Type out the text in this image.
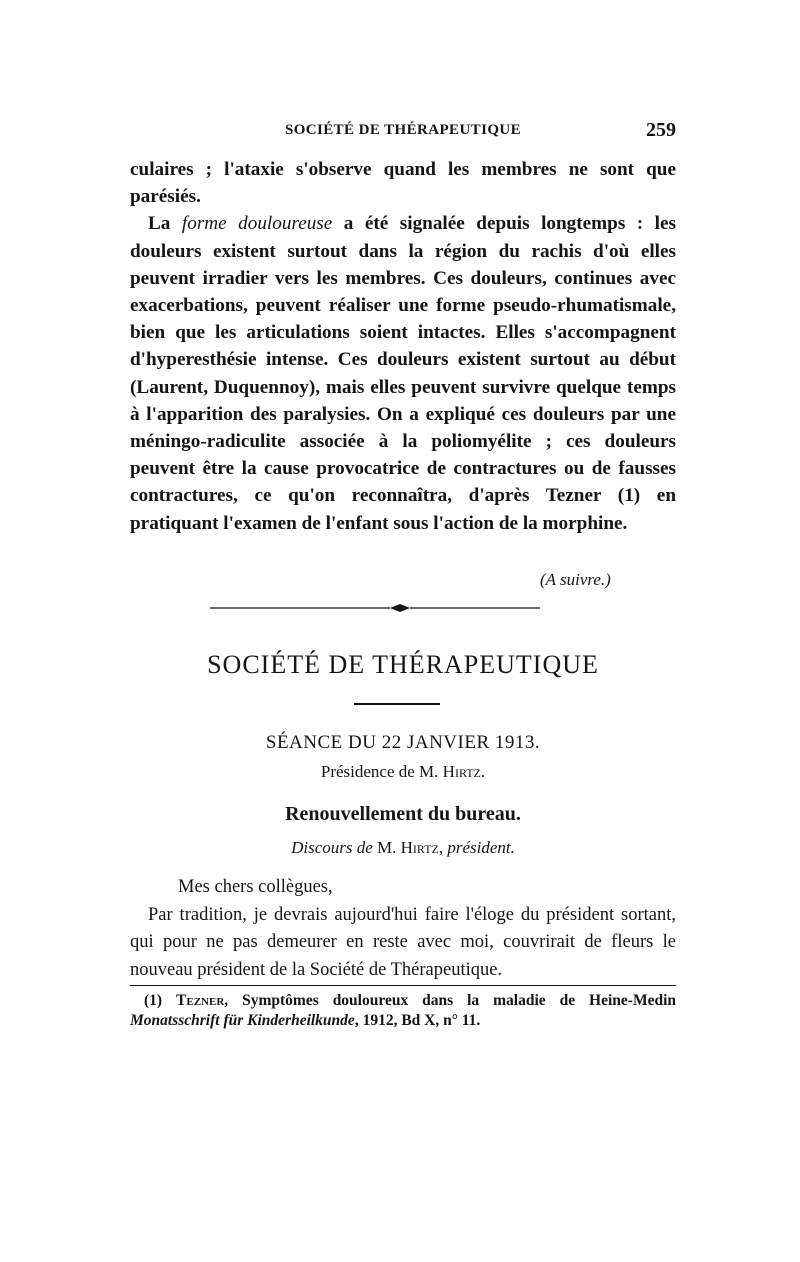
SOCIÉTÉ DE THÉRAPEUTIQUE	259

culaires ; l'ataxie s'observe quand les membres ne sont que parésiés.

La forme douloureuse a été signalée depuis longtemps : les douleurs existent surtout dans la région du rachis d'où elles peuvent irradier vers les membres. Ces douleurs, continues avec exacerbations, peuvent réaliser une forme pseudo-rhumatismale, bien que les articulations soient intactes. Elles s'accompagnent d'hyperesthésie intense. Ces douleurs existent surtout au début (Laurent, Duquennoy), mais elles peuvent survivre quelque temps à l'apparition des paralysies. On a expliqué ces douleurs par une méningo-radiculite associée à la poliomyélite ; ces douleurs peuvent être la cause provocatrice de contractures ou de fausses contractures, ce qu'on reconnaîtra, d'après Tezner (1) en pratiquant l'examen de l'enfant sous l'action de la morphine.

(A suivre.)
SOCIÉTÉ DE THÉRAPEUTIQUE
SÉANCE DU 22 JANVIER 1913.
Présidence de M. Hirtz.
Renouvellement du bureau.
Discours de M. Hirtz, président.

Mes chers collègues,

Par tradition, je devrais aujourd'hui faire l'éloge du président sortant, qui pour ne pas demeurer en reste avec moi, couvrirait de fleurs le nouveau président de la Société de Thérapeutique.

(1) Tezner, Symptômes douloureux dans la maladie de Heine-Medin Monatsschrift für Kinderheilkunde, 1912, Bd X, n° 11.
